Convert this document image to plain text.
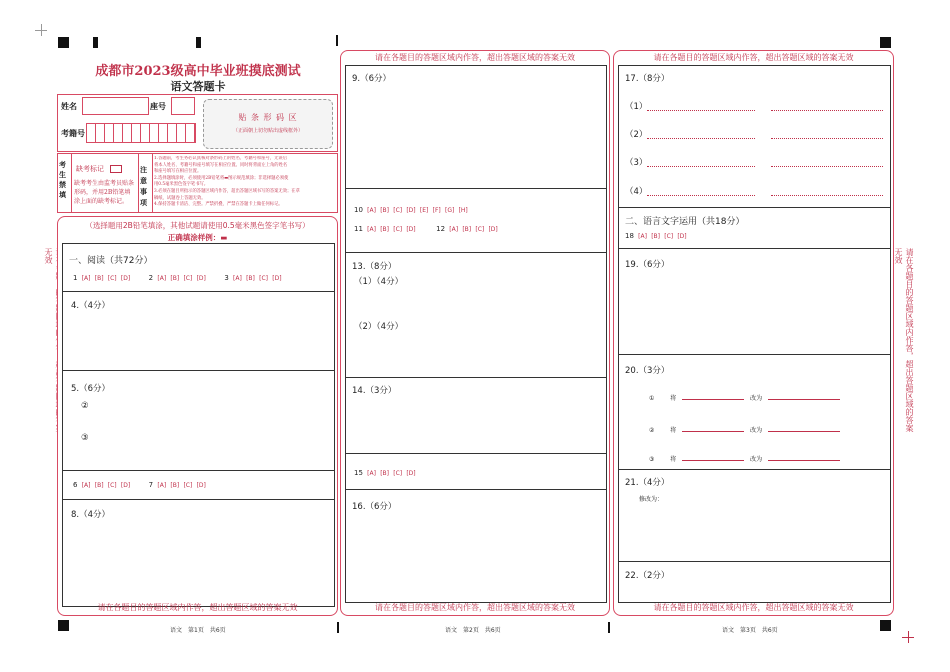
无效	请在各题目的答题区域内作答，超出答题区域的答案无效
成都市2023级高中毕业班摸底测试
语文答题卡
姓名	座号
考籍号
贴 条 形 码 区
（正面朝上切勿贴出虚线框外）
考生禁填
缺考标记
缺考考生由监考员贴条形码，并用2B铅笔填涂上面的缺考标记。
注意事项
1.答题前，考生务必认真核对条形码上的姓名、考籍号和座号，无误后
将本人姓名、考籍号和座号填写在相应位置。同时将背面左上角的姓名
和座号填写在相应位置。
2.选择题填涂时，必须使用2B铅笔将▬图示规范填涂；非选择题必须使
用0.5毫米黑色签字笔书写。
3.必须在题目所指示的答题区域内作答，超出答题区域书写的答案无效；在草
稿纸、试题卷上答题无效。
4.保持答题卡清洁、完整。严禁折叠，严禁在答题卡上做任何标记。
（选择题用2B铅笔填涂，其他试题请使用0.5毫米黑色签字笔书写）
正确填涂样例：▬
一、阅读（共72分）
1 [A] [B] [C] [D]	2 [A] [B] [C] [D]	3 [A] [B] [C] [D]
4.（4分）
5.（6分）
②
③
6 [A] [B] [C] [D]	7 [A] [B] [C] [D]
8.（4分）
请在各题目的答题区域内作答，超出答题区域的答案无效
请在各题目的答题区域内作答，超出答题区域的答案无效
9.（6分）
10 [A] [B] [C] [D] [E] [F] [G] [H]
11 [A] [B] [C] [D]	12 [A] [B] [C] [D]
13.（8分）
（1）（4分）
（2）（4分）
14.（3分）
15 [A] [B] [C] [D]
16.（6分）
请在各题目的答题区域内作答，超出答题区域的答案无效
请在各题目的答题区域内作答，超出答题区域的答案无效
17.（8分）
（1）
（2）
（3）
（4）
二、语言文字运用（共18分）
18 [A] [B] [C] [D]
19.（6分）
20.（3分）
①	将	改为
②	将	改为
③	将	改为
21.（4分）
修改为：
22.（2分）
请在各题目的答题区域内作答，超出答题区域的答案无效
语文　第1页　共6页	语文　第2页　共6页	语文　第3页　共6页
